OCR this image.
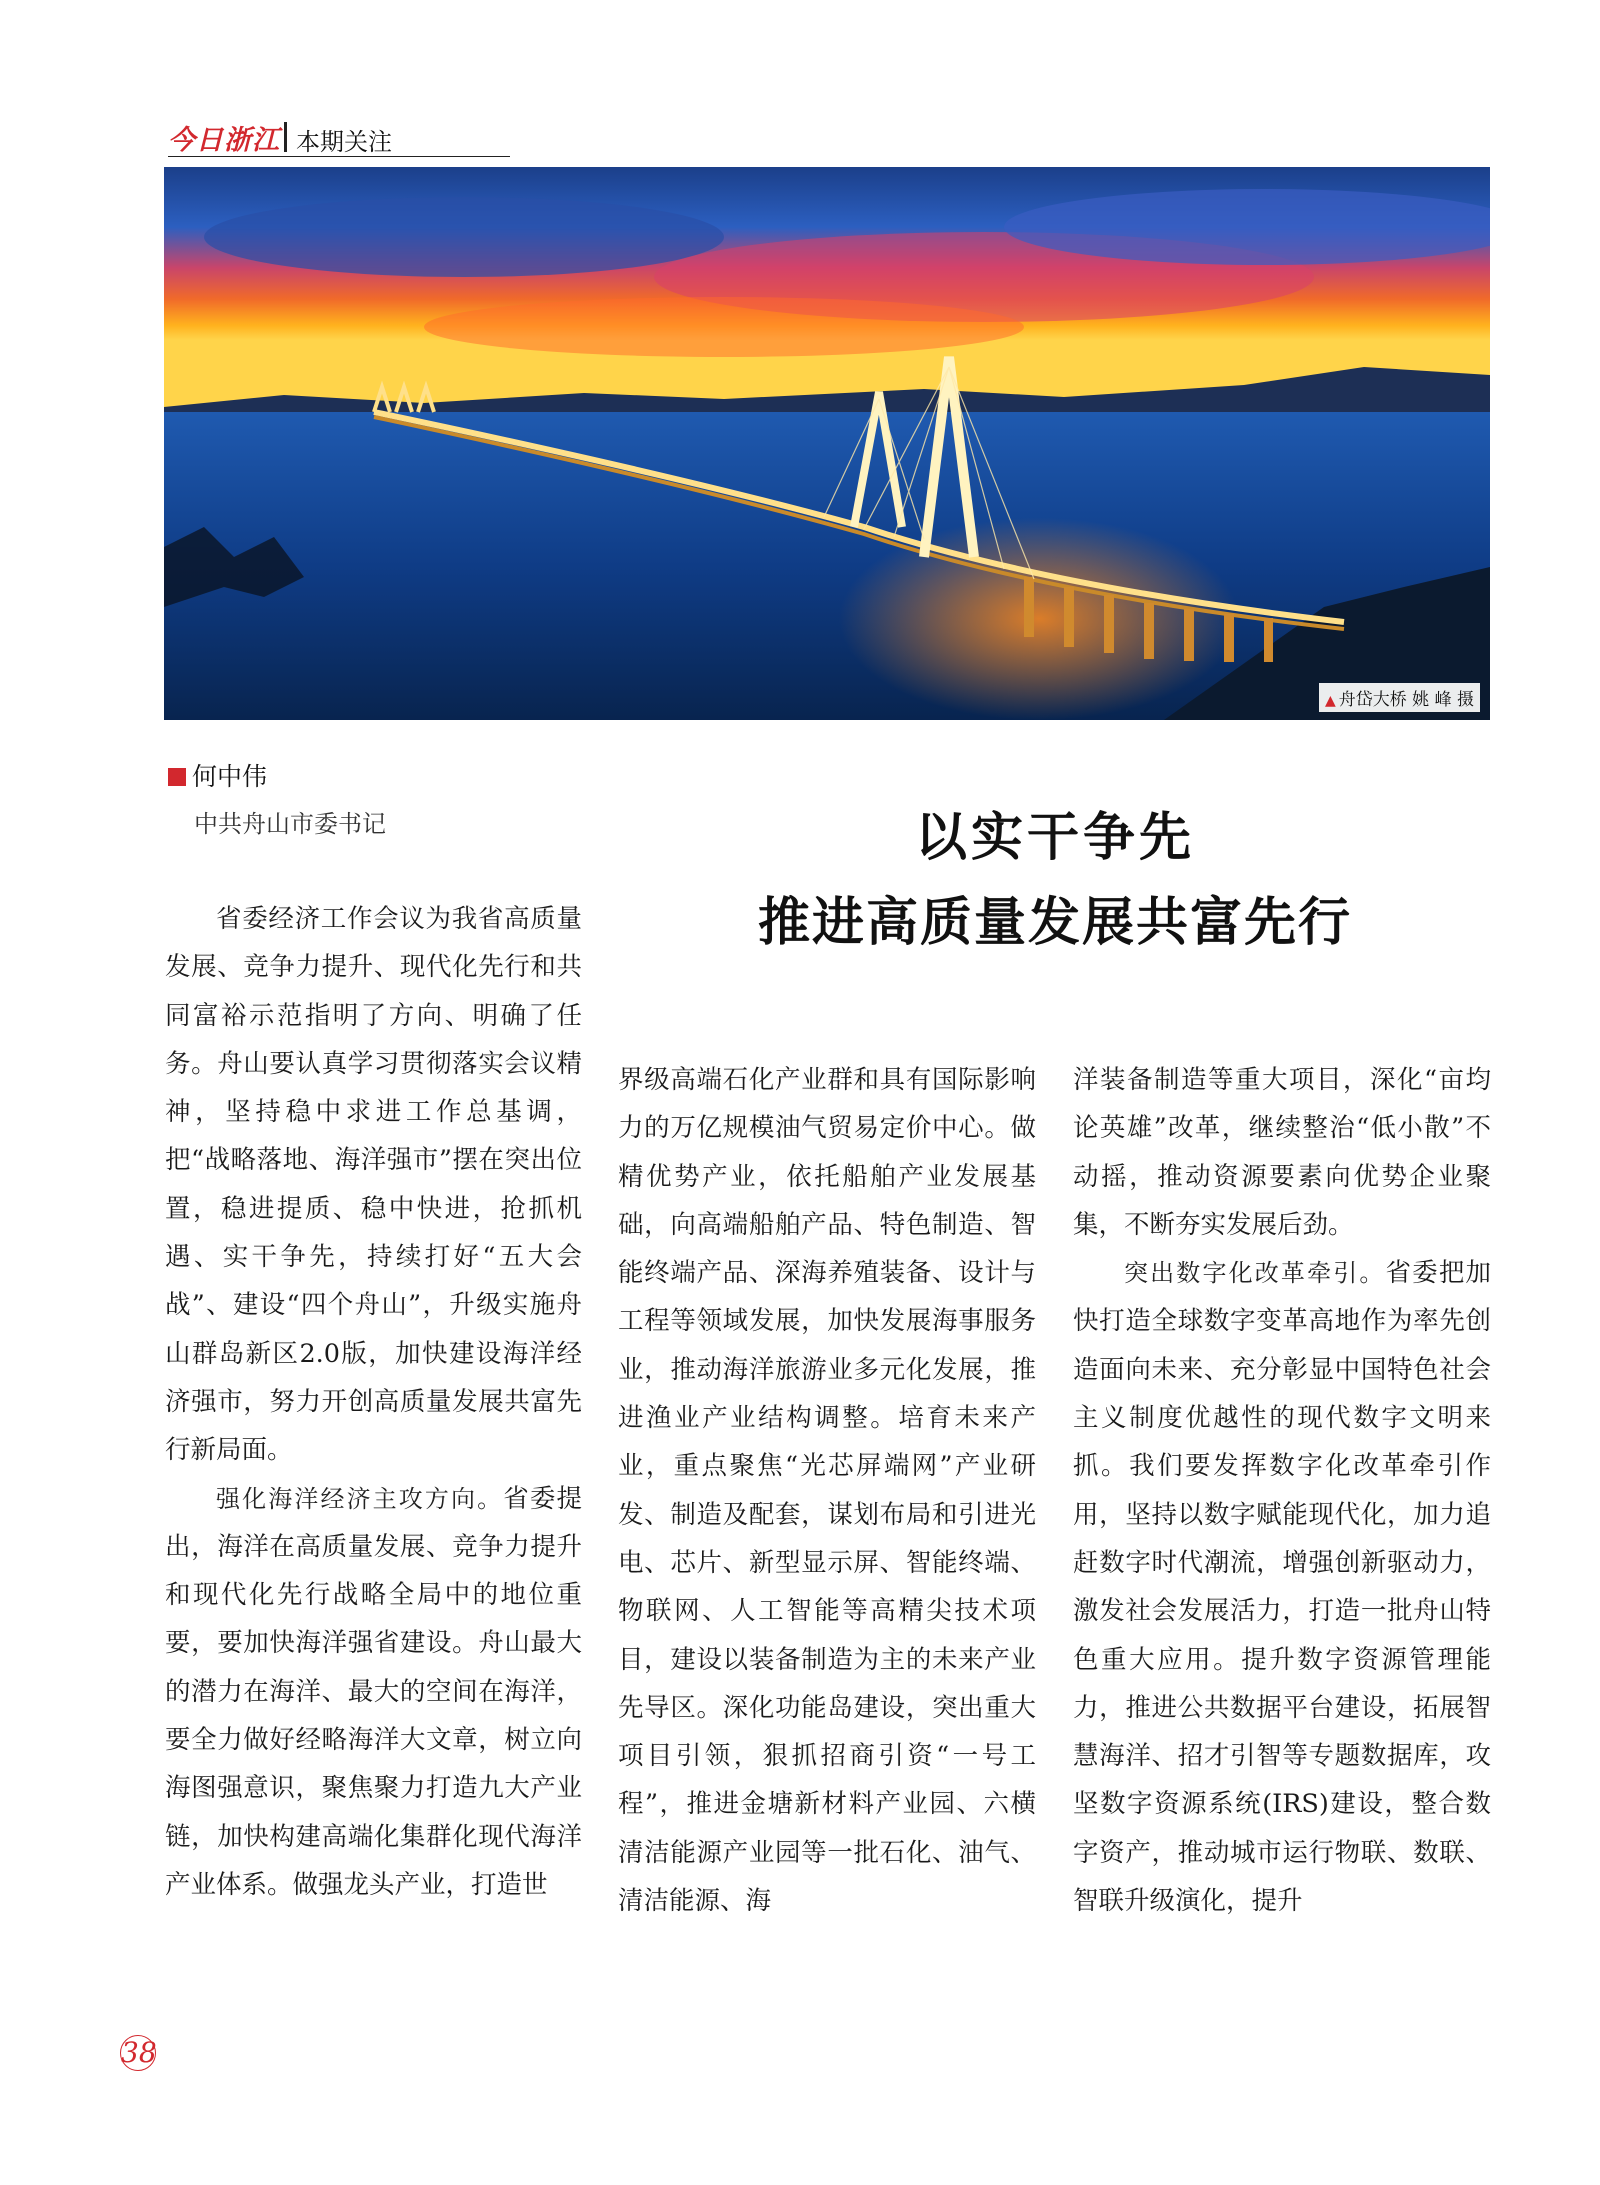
今日浙江 本期关注
▲ 舟岱大桥 姚 峰 摄
何中伟
中共舟山市委书记	以实干争先
推进高质量发展共富先行

省委经济工作会议为我省高质量发展、竞争力提升、现代化先行和共同富裕示范指明了方向、明确了任务。舟山要认真学习贯彻落实会议精神，坚持稳中求进工作总基调，把“战略落地、海洋强市”摆在突出位置，稳进提质、稳中快进，抢抓机遇、实干争先，持续打好“五大会战”、建设“四个舟山”，升级实施舟山群岛新区2.0版，加快建设海洋经济强市，努力开创高质量发展共富先行新局面。

强化海洋经济主攻方向。省委提出，海洋在高质量发展、竞争力提升和现代化先行战略全局中的地位重要，要加快海洋强省建设。舟山最大的潜力在海洋、最大的空间在海洋，要全力做好经略海洋大文章，树立向海图强意识，聚焦聚力打造九大产业链，加快构建高端化集群化现代海洋产业体系。做强龙头产业，打造世

界级高端石化产业群和具有国际影响力的万亿规模油气贸易定价中心。做精优势产业，依托船舶产业发展基础，向高端船舶产品、特色制造、智能终端产品、深海养殖装备、设计与工程等领域发展，加快发展海事服务业，推动海洋旅游业多元化发展，推进渔业产业结构调整。培育未来产业，重点聚焦“光芯屏端网”产业研发、制造及配套，谋划布局和引进光电、芯片、新型显示屏、智能终端、物联网、人工智能等高精尖技术项目，建设以装备制造为主的未来产业先导区。深化功能岛建设，突出重大项目引领，狠抓招商引资“一号工程”，推进金塘新材料产业园、六横清洁能源产业园等一批石化、油气、清洁能源、海

洋装备制造等重大项目，深化“亩均论英雄”改革，继续整治“低小散”不动摇，推动资源要素向优势企业聚集，不断夯实发展后劲。

突出数字化改革牵引。省委把加快打造全球数字变革高地作为率先创造面向未来、充分彰显中国特色社会主义制度优越性的现代数字文明来抓。我们要发挥数字化改革牵引作用，坚持以数字赋能现代化，加力追赶数字时代潮流，增强创新驱动力，激发社会发展活力，打造一批舟山特色重大应用。提升数字资源管理能力，推进公共数据平台建设，拓展智慧海洋、招才引智等专题数据库，攻坚数字资源系统(IRS)建设，整合数字资产，推动城市运行物联、数联、智联升级演化，提升

38
